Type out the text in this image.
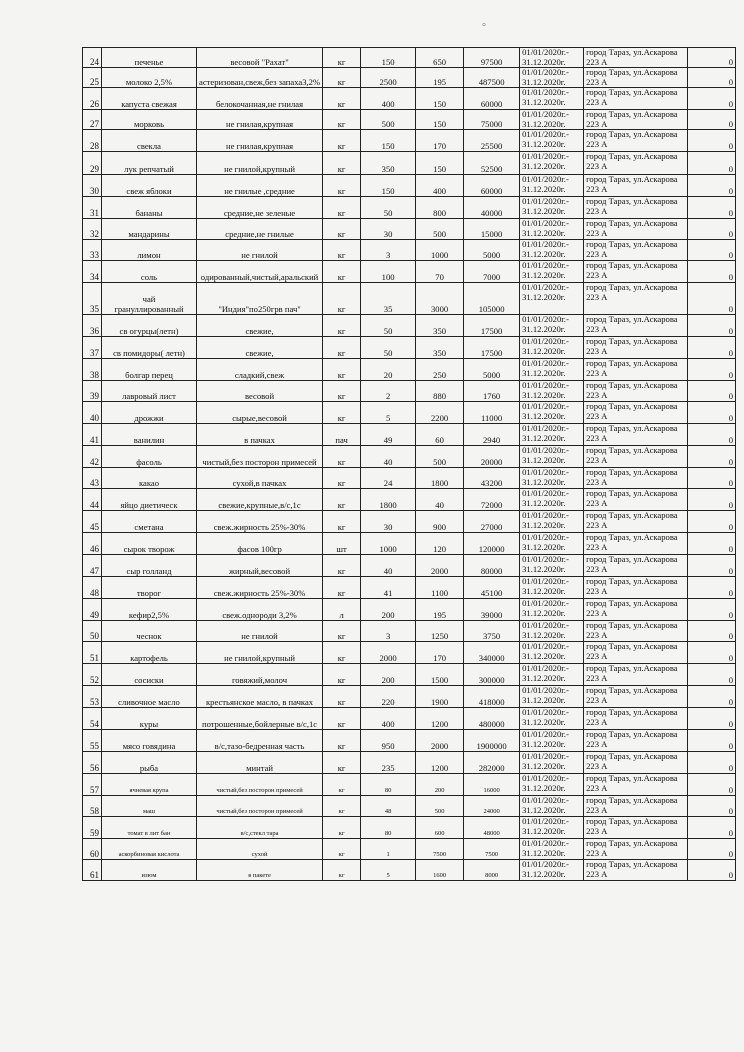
24	печенье	весовой "Рахат"	кг	150	650	97500	01/01/2020г.-
31.12.2020г.	город Тараз, ул.Аскарова
223 А	0
25	молоко 2,5%	астеризован,свеж,без запаха3,2%	кг	2500	195	487500	01/01/2020г.-
31.12.2020г.	город Тараз, ул.Аскарова
223 А	0
26	капуста свежая	белокочанная,не гнилая	кг	400	150	60000	01/01/2020г.-
31.12.2020г.	город Тараз, ул.Аскарова
223 А	0
27	морковь	не гнилая,крупная	кг	500	150	75000	01/01/2020г.-
31.12.2020г.	город Тараз, ул.Аскарова
223 А	0
28	свекла	не гнилая,крупная	кг	150	170	25500	01/01/2020г.-
31.12.2020г.	город Тараз, ул.Аскарова
223 А	0
29	лук репчатый	не гнилой,крупный	кг	350	150	52500	01/01/2020г.-
31.12.2020г.	город Тараз, ул.Аскарова
223 А	0
30	свеж яблоки	не гнилые ,средние	кг	150	400	60000	01/01/2020г.-
31.12.2020г.	город Тараз, ул.Аскарова
223 А	0
31	бананы	средние,не зеленые	кг	50	800	40000	01/01/2020г.-
31.12.2020г.	город Тараз, ул.Аскарова
223 А	0
32	мандарины	средние,не гнилые	кг	30	500	15000	01/01/2020г.-
31.12.2020г.	город Тараз, ул.Аскарова
223 А	0
33	лимон	не гнилой	кг	3	1000	5000	01/01/2020г.-
31.12.2020г.	город Тараз, ул.Аскарова
223 А	0
34	соль	одированный,чистый,аральский	кг	100	70	7000	01/01/2020г.-
31.12.2020г.	город Тараз, ул.Аскарова
223 А	0
35	чай
грануллированный	"Индия"по250грв пач"	кг	35	3000	105000	01/01/2020г.-
31.12.2020г.	город Тараз, ул.Аскарова
223 А	0
36	св огурцы(летн)	свежие,	кг	50	350	17500	01/01/2020г.-
31.12.2020г.	город Тараз, ул.Аскарова
223 А	0
37	св помидоры( летн)	свежие,	кг	50	350	17500	01/01/2020г.-
31.12.2020г.	город Тараз, ул.Аскарова
223 А	0
38	болгар перец	сладкий,свеж	кг	20	250	5000	01/01/2020г.-
31.12.2020г.	город Тараз, ул.Аскарова
223 А	0
39	лавровый лист	весовой	кг	2	880	1760	01/01/2020г.-
31.12.2020г.	город Тараз, ул.Аскарова
223 А	0
40	дрожжи	сырые,весовой	кг	5	2200	11000	01/01/2020г.-
31.12.2020г.	город Тараз, ул.Аскарова
223 А	0
41	ванилин	в пачках	пач	49	60	2940	01/01/2020г.-
31.12.2020г.	город Тараз, ул.Аскарова
223 А	0
42	фасоль	чистый,без посторон примесей	кг	40	500	20000	01/01/2020г.-
31.12.2020г.	город Тараз, ул.Аскарова
223 А	0
43	какао	сухой,в пачках	кг	24	1800	43200	01/01/2020г.-
31.12.2020г.	город Тараз, ул.Аскарова
223 А	0
44	яйцо диетическ	свежие,крупные,в/с,1с	кг	1800	40	72000	01/01/2020г.-
31.12.2020г.	город Тараз, ул.Аскарова
223 А	0
45	сметана	свеж.жирность 25%-30%	кг	30	900	27000	01/01/2020г.-
31.12.2020г.	город Тараз, ул.Аскарова
223 А	0
46	сырок творож	фасов 100гр	шт	1000	120	120000	01/01/2020г.-
31.12.2020г.	город Тараз, ул.Аскарова
223 А	0
47	сыр голланд	жирный,весовой	кг	40	2000	80000	01/01/2020г.-
31.12.2020г.	город Тараз, ул.Аскарова
223 А	0
48	творог	свеж.жирность 25%-30%	кг	41	1100	45100	01/01/2020г.-
31.12.2020г.	город Тараз, ул.Аскарова
223 А	0
49	кефир2,5%	свеж.однороди 3,2%	л	200	195	39000	01/01/2020г.-
31.12.2020г.	город Тараз, ул.Аскарова
223 А	0
50	чеснок	не гнилой	кг	3	1250	3750	01/01/2020г.-
31.12.2020г.	город Тараз, ул.Аскарова
223 А	0
51	картофель	не гнилой,крупный	кг	2000	170	340000	01/01/2020г.-
31.12.2020г.	город Тараз, ул.Аскарова
223 А	0
52	сосиски	говяжий,молоч	кг	200	1500	300000	01/01/2020г.-
31.12.2020г.	город Тараз, ул.Аскарова
223 А	0
53	сливочное масло	крестьянское масло, в пачках	кг	220	1900	418000	01/01/2020г.-
31.12.2020г.	город Тараз, ул.Аскарова
223 А	0
54	куры	потрошенные,бойлерные в/с,1с	кг	400	1200	480000	01/01/2020г.-
31.12.2020г.	город Тараз, ул.Аскарова
223 А	0
55	мясо говядина	в/с,тазо-бедренная часть	кг	950	2000	1900000	01/01/2020г.-
31.12.2020г.	город Тараз, ул.Аскарова
223 А	0
56	рыба	минтай	кг	235	1200	282000	01/01/2020г.-
31.12.2020г.	город Тараз, ул.Аскарова
223 А	0
57	ячневая крупа	чистый,без посторон примесей	кг	80	200	16000	01/01/2020г.-
31.12.2020г.	город Тараз, ул.Аскарова
223 А	0
58	маш	чистый,без посторон примесей	кг	48	500	24000	01/01/2020г.-
31.12.2020г.	город Тараз, ул.Аскарова
223 А	0
59	томат в лит бан	в/с,стекл тара	кг	80	600	48000	01/01/2020г.-
31.12.2020г.	город Тараз, ул.Аскарова
223 А	0
60	аскорбиновая кислота	сухой	кг	1	7500	7500	01/01/2020г.-
31.12.2020г.	город Тараз, ул.Аскарова
223 А	0
61	изюм	в пакете	кг	5	1600	8000	01/01/2020г.-
31.12.2020г.	город Тараз, ул.Аскарова
223 А	0
°
